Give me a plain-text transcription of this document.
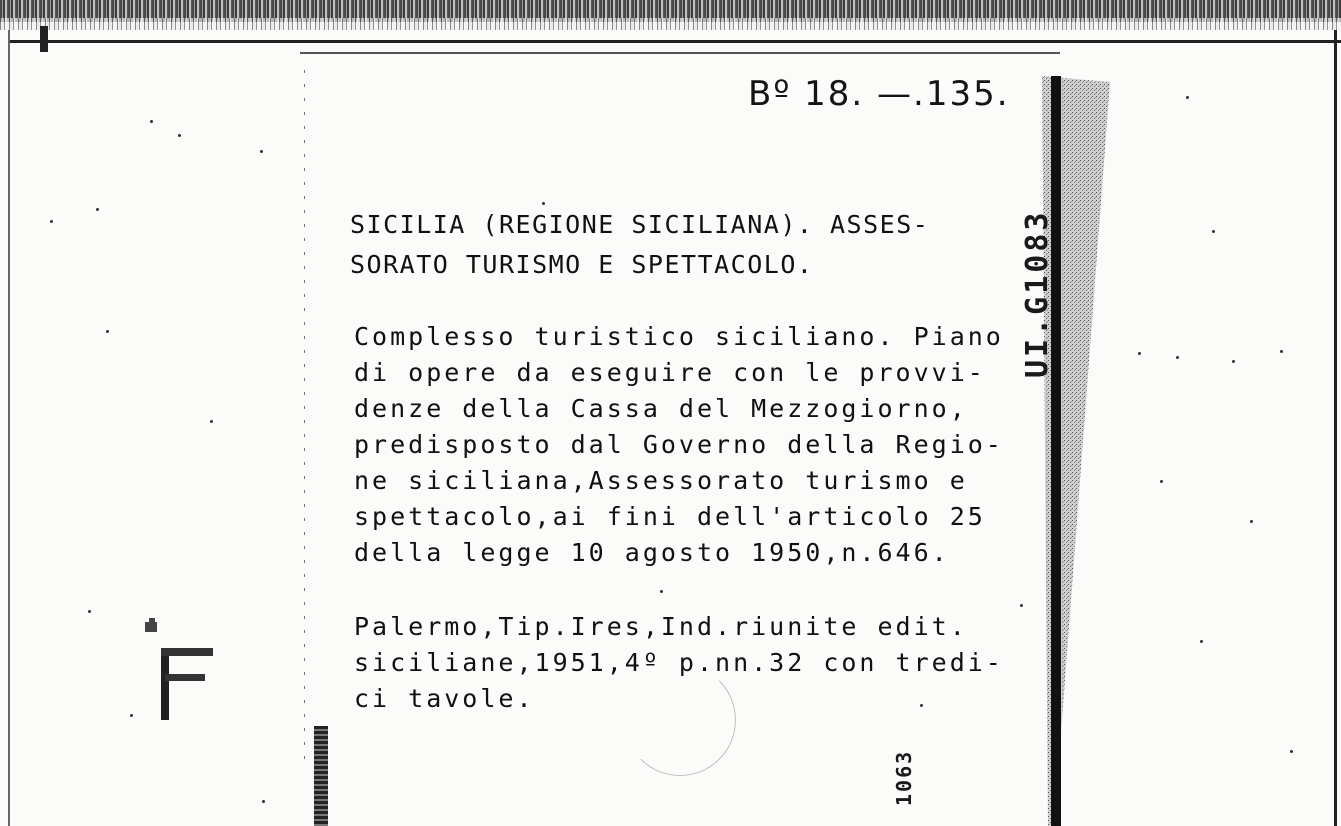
Bº 18. —.135.
UI.G1083

SICILIA (REGIONE SICILIANA). ASSES-

SORATO TURISMO E SPETTACOLO.

Complesso turistico siciliano. Piano

di opere da eseguire con le provvi-

denze della Cassa del Mezzogiorno,

predisposto dal Governo della Regio-

ne siciliana,Assessorato turismo e

spettacolo,ai fini dell'articolo 25

della legge 10 agosto 1950,n.646.

Palermo,Tip.Ires,Ind.riunite edit.

siciliane,1951,4º p.nn.32 con tredi-

ci tavole.

1063
